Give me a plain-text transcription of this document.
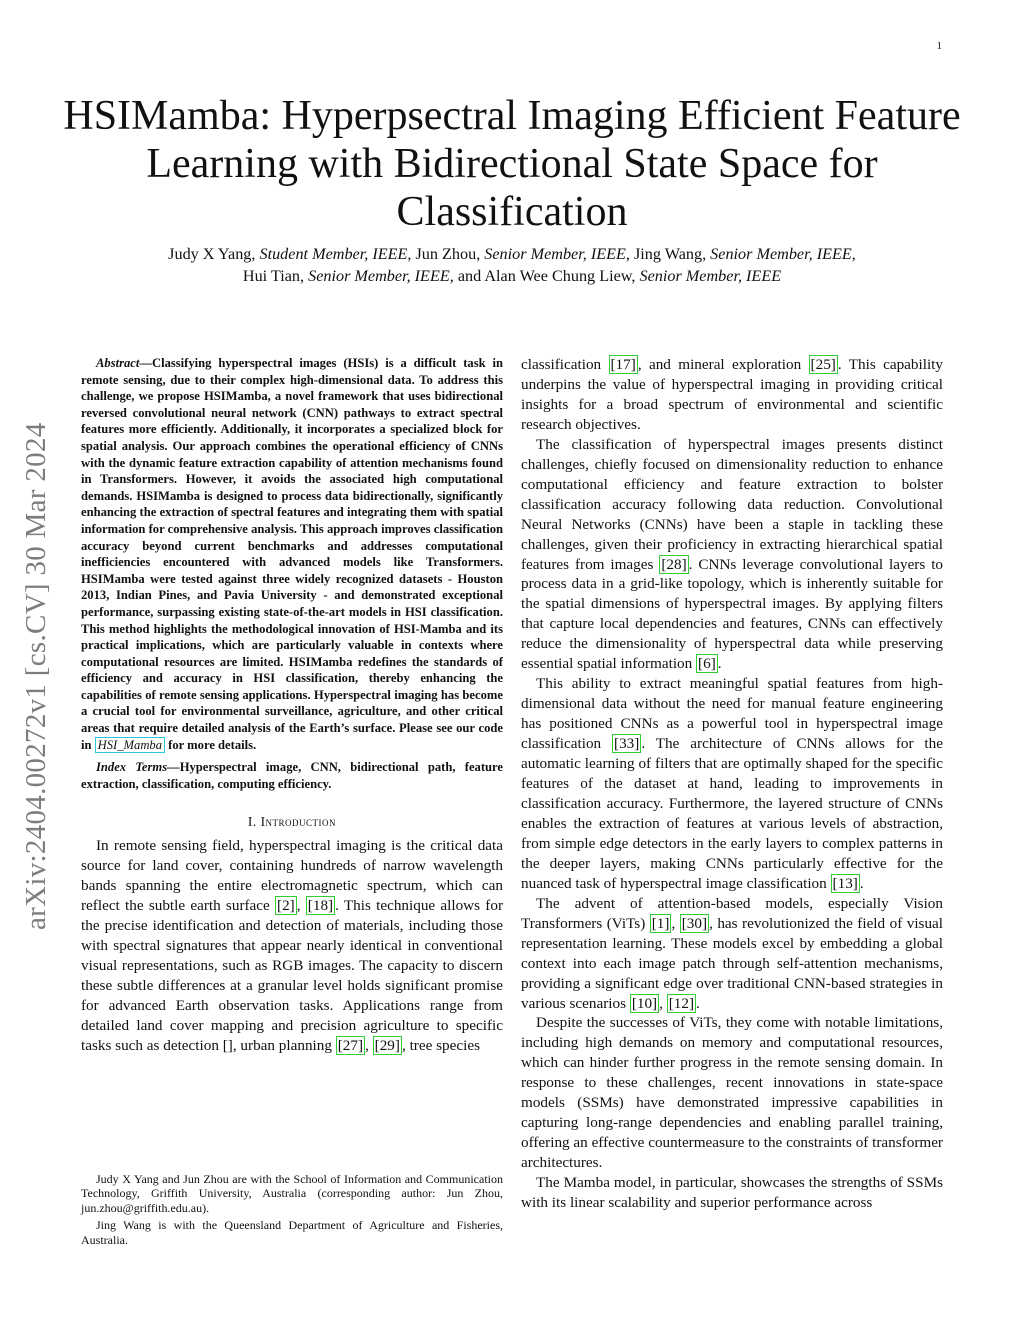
1
HSIMamba: Hyperpsectral Imaging Efficient Feature Learning with Bidirectional State Space for Classification
Judy X Yang, Student Member, IEEE, Jun Zhou, Senior Member, IEEE, Jing Wang, Senior Member, IEEE,
Hui Tian, Senior Member, IEEE, and Alan Wee Chung Liew, Senior Member, IEEE
arXiv:2404.00272v1 [cs.CV] 30 Mar 2024

Abstract—Classifying hyperspectral images (HSIs) is a difficult task in remote sensing, due to their complex high-dimensional data. To address this challenge, we propose HSIMamba, a novel framework that uses bidirectional reversed convolutional neural network (CNN) pathways to extract spectral features more efficiently. Additionally, it incorporates a specialized block for spatial analysis. Our approach combines the operational efficiency of CNNs with the dynamic feature extraction capability of attention mechanisms found in Transformers. However, it avoids the associated high computational demands. HSIMamba is designed to process data bidirectionally, significantly enhancing the extraction of spectral features and integrating them with spatial information for comprehensive analysis. This approach improves classification accuracy beyond current benchmarks and addresses computational inefficiencies encountered with advanced models like Transformers. HSIMamba were tested against three widely recognized datasets - Houston 2013, Indian Pines, and Pavia University - and demonstrated exceptional performance, surpassing existing state-of-the-art models in HSI classification. This method highlights the methodological innovation of HSI-Mamba and its practical implications, which are particularly valuable in contexts where computational resources are limited. HSIMamba redefines the standards of efficiency and accuracy in HSI classification, thereby enhancing the capabilities of remote sensing applications. Hyperspectral imaging has become a crucial tool for environmental surveillance, agriculture, and other critical areas that require detailed analysis of the Earth’s surface. Please see our code in HSI_Mamba for more details.

Index Terms—Hyperspectral image, CNN, bidirectional path, feature extraction, classification, computing efficiency.

I. Introduction

In remote sensing field, hyperspectral imaging is the critical data source for land cover, containing hundreds of narrow wavelength bands spanning the entire electromagnetic spectrum, which can reflect the subtle earth surface [2] , [18] . This technique allows for the precise identification and detection of materials, including those with spectral signatures that appear nearly identical in conventional visual representations, such as RGB images. The capacity to discern these subtle differences at a granular level holds significant promise for advanced Earth observation tasks. Applications range from detailed land cover mapping and precision agriculture to specific tasks such as detection [], urban planning [27] , [29] , tree species

classification [17] , and mineral exploration [25] . This capability underpins the value of hyperspectral imaging in providing critical insights for a broad spectrum of environmental and scientific research objectives.

The classification of hyperspectral images presents distinct challenges, chiefly focused on dimensionality reduction to enhance computational efficiency and feature extraction to bolster classification accuracy following data reduction. Convolutional Neural Networks (CNNs) have been a staple in tackling these challenges, given their proficiency in extracting hierarchical spatial features from images [28] . CNNs leverage convolutional layers to process data in a grid-like topology, which is inherently suitable for the spatial dimensions of hyperspectral images. By applying filters that capture local dependencies and features, CNNs can effectively reduce the dimensionality of hyperspectral data while preserving essential spatial information [6] .

This ability to extract meaningful spatial features from high-dimensional data without the need for manual feature engineering has positioned CNNs as a powerful tool in hyperspectral image classification [33] . The architecture of CNNs allows for the automatic learning of filters that are optimally shaped for the specific features of the dataset at hand, leading to improvements in classification accuracy. Furthermore, the layered structure of CNNs enables the extraction of features at various levels of abstraction, from simple edge detectors in the early layers to complex patterns in the deeper layers, making CNNs particularly effective for the nuanced task of hyperspectral image classification [13] .

The advent of attention-based models, especially Vision Transformers (ViTs) [1] , [30] , has revolutionized the field of visual representation learning. These models excel by embedding a global context into each image patch through self-attention mechanisms, providing a significant edge over traditional CNN-based strategies in various scenarios [10] , [12] .

Despite the successes of ViTs, they come with notable limitations, including high demands on memory and computational resources, which can hinder further progress in the remote sensing domain. In response to these challenges, recent innovations in state-space models (SSMs) have demonstrated impressive capabilities in capturing long-range dependencies and enabling parallel training, offering an effective countermeasure to the constraints of transformer architectures.

The Mamba model, in particular, showcases the strengths of SSMs with its linear scalability and superior performance across

Judy X Yang and Jun Zhou are with the School of Information and Communication Technology, Griffith University, Australia (corresponding author: Jun Zhou, jun.zhou@griffith.edu.au).

Jing Wang is with the Queensland Department of Agriculture and Fisheries, Australia.
